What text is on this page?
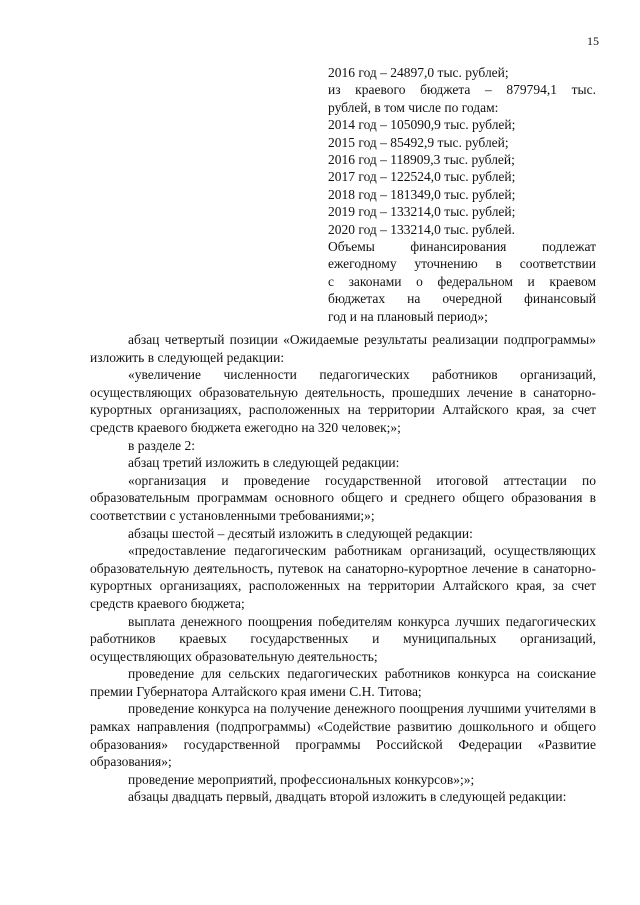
15
2016 год – 24897,0 тыс. рублей;
из краевого бюджета – 879794,1 тыс.
рублей, в том числе по годам:
2014 год – 105090,9 тыс. рублей;
2015 год – 85492,9 тыс. рублей;
2016 год – 118909,3 тыс. рублей;
2017 год – 122524,0 тыс. рублей;
2018 год – 181349,0 тыс. рублей;
2019 год – 133214,0 тыс. рублей;
2020 год – 133214,0 тыс. рублей.
Объемы финансирования подлежат
ежегодному уточнению в соответствии
с законами о федеральном и краевом
бюджетах на очередной финансовый
год и на плановый период»;

абзац четвертый позиции «Ожидаемые результаты реализации подпрограммы» изложить в следующей редакции:

«увеличение численности педагогических работников организаций, осуществляющих образовательную деятельность, прошедших лечение в санаторно-курортных организациях, расположенных на территории Алтайского края, за счет средств краевого бюджета ежегодно на 320 человек;»;

в разделе 2:

абзац третий изложить в следующей редакции:

«организация и проведение государственной итоговой аттестации по образовательным программам основного общего и среднего общего образования в соответствии с установленными требованиями;»;

абзацы шестой – десятый изложить в следующей редакции:

«предоставление педагогическим работникам организаций, осуществляющих образовательную деятельность, путевок на санаторно-курортное лечение в санаторно-курортных организациях, расположенных на территории Алтайского края, за счет средств краевого бюджета;

выплата денежного поощрения победителям конкурса лучших педагогических работников краевых государственных и муниципальных организаций, осуществляющих образовательную деятельность;

проведение для сельских педагогических работников конкурса на соискание премии Губернатора Алтайского края имени С.Н. Титова;

проведение конкурса на получение денежного поощрения лучшими учителями в рамках направления (подпрограммы) «Содействие развитию дошкольного и общего образования» государственной программы Российской Федерации «Развитие образования»;

проведение мероприятий, профессиональных конкурсов»;»;

абзацы двадцать первый, двадцать второй изложить в следующей редакции:
